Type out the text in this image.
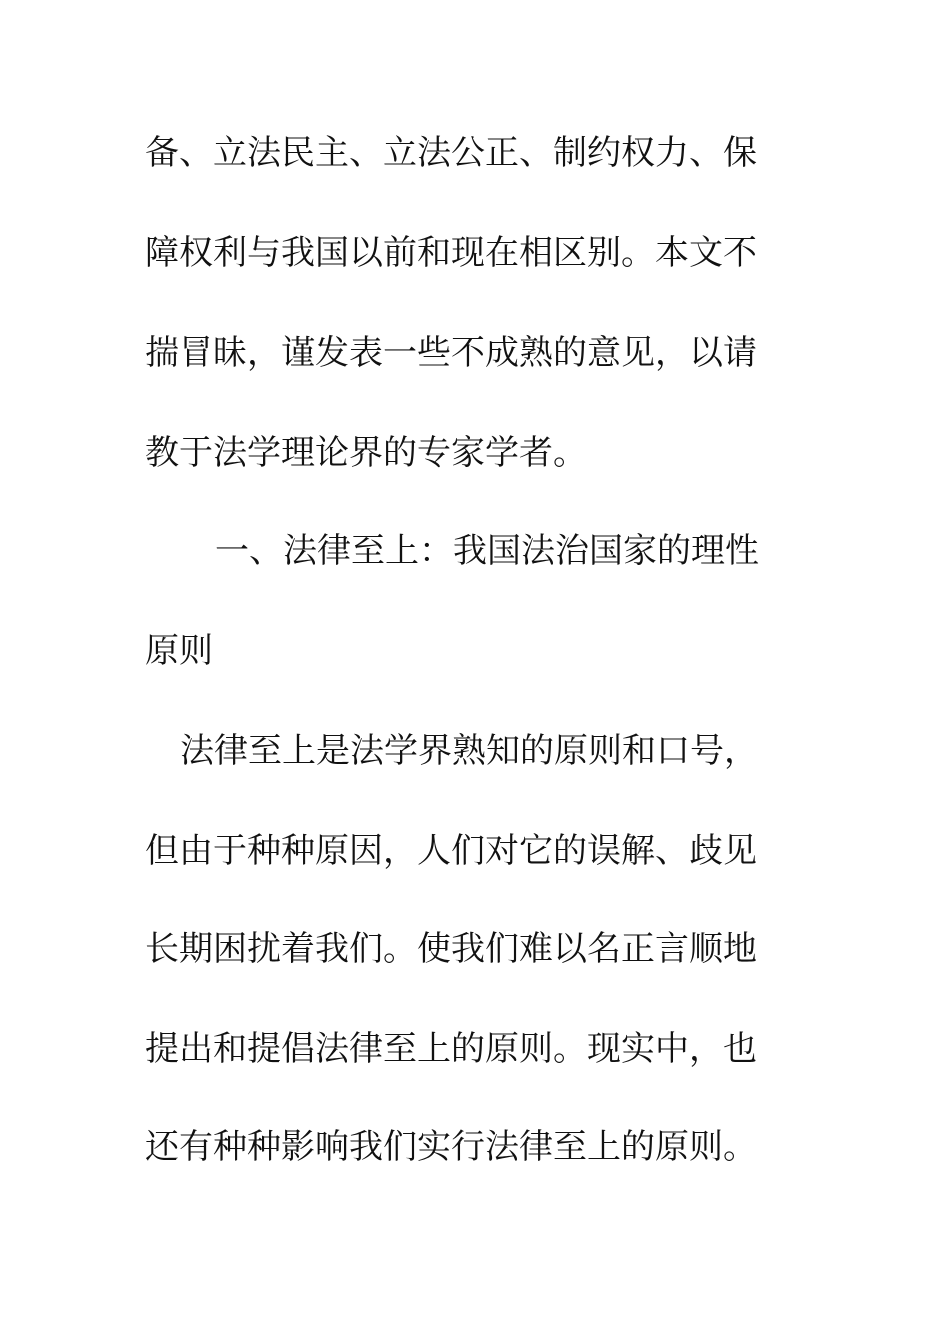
备、立法民主、立法公正、制约权力、保
障权利与我国以前和现在相区别。本文不
揣冒昧，谨发表一些不成熟的意见，以请
教于法学理论界的专家学者。
一、法律至上：我国法治国家的理性
原则
法律至上是法学界熟知的原则和口号，
但由于种种原因，人们对它的误解、歧见
长期困扰着我们。使我们难以名正言顺地
提出和提倡法律至上的原则。现实中，也
还有种种影响我们实行法律至上的原则。
